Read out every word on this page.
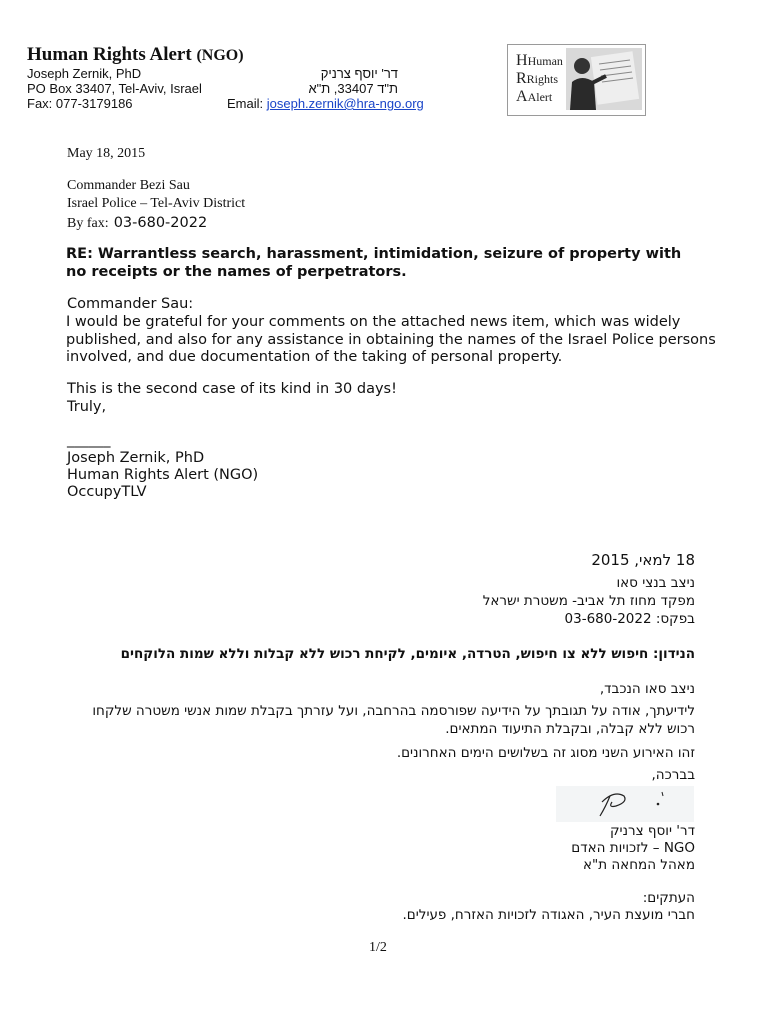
Human Rights Alert (NGO)
Joseph Zernik, PhD
PO Box 33407, Tel-Aviv, Israel
Fax: 077-3179186	Email: joseph.zernik@hra-ngo.org
דר' יוסף צרניק
ת"ד 33407, ת"א
HHuman
RRights
AAlert
May 18, 2015
Commander Bezi Sau
Israel Police – Tel-Aviv District
By fax: 03-680-2022
RE: Warrantless search, harassment, intimidation, seizure of property with no receipts or the names of perpetrators.
Commander Sau:
I would be grateful for your comments on the attached news item, which was widely published, and also for any assistance in obtaining the names of the Israel Police persons involved, and due documentation of the taking of personal property.
This is the second case of its kind in 30 days!
Truly,
______
Joseph Zernik, PhD
Human Rights Alert (NGO)
OccupyTLV
18 למאי, 2015
ניצב בנצי סאו
מפקד מחוז תל אביב- משטרת ישראל
בפקס: 03-680-2022
הנידון: חיפוש ללא צו חיפוש, הטרדה, איומים, לקיחת רכוש ללא קבלות וללא שמות הלוקחים
ניצב סאו הנכבד,
לידיעתך, אודה על תגובתך על הידיעה שפורסמה בהרחבה, ועל עזרתך בקבלת שמות אנשי משטרה שלקחו רכוש ללא קבלה, ובקבלת התיעוד המתאים.
זהו האירוע השני מסוג זה בשלושים הימים האחרונים.
בברכה,
דר' יוסף צרניק
NGO – לזכויות האדם
מאהל המחאה ת"א
העתקים:
חברי מועצת העיר, האגודה לזכויות האזרח, פעילים.
1/2
